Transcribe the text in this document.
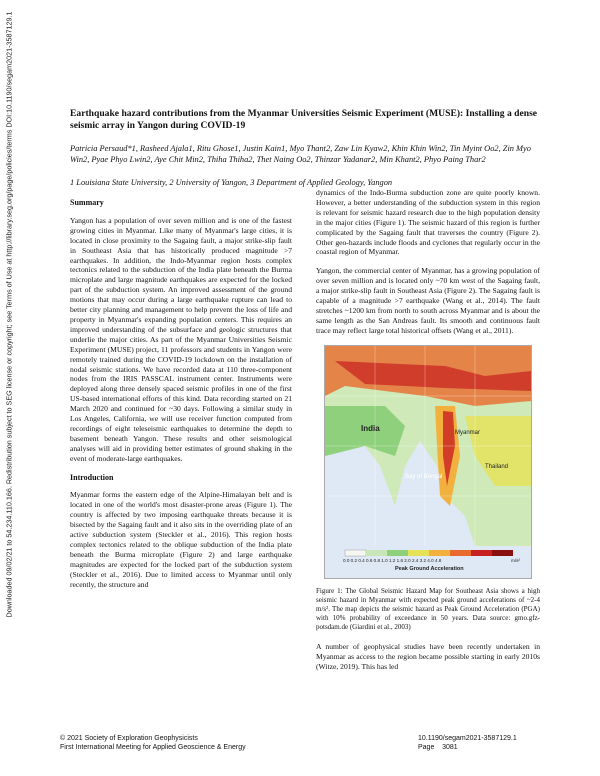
Downloaded 09/02/21 to 54.234.110.166. Redistribution subject to SEG license or copyright; see Terms of Use at http://library.seg.org/page/policies/terms DOI:10.1190/segam2021-3587129.1	Earthquake hazard contributions from the Myanmar Universities Seismic Experiment (MUSE): Installing a dense seismic array in Yangon during COVID-19
Patricia Persaud*1, Rasheed Ajala1, Ritu Ghose1, Justin Kain1, Myo Thant2, Zaw Lin Kyaw2, Khin Khin Win2, Tin Myint Oo2, Zin Myo Win2, Pyae Phyo Lwin2, Aye Chit Min2, Thiha Thiha2, Thet Naing Oo2, Thinzar Yadanar2, Min Khant2, Phyo Paing Thar2
1 Louisiana State University, 2 University of Yangon, 3 Department of Applied Geology, Yangon
Summary

Yangon has a population of over seven million and is one of the fastest growing cities in Myanmar. Like many of Myanmar's large cities, it is located in close proximity to the Sagaing fault, a major strike-slip fault in Southeast Asia that has historically produced magnitude >7 earthquakes. In addition, the Indo-Myanmar region hosts complex tectonics related to the subduction of the India plate beneath the Burma microplate and large magnitude earthquakes are expected for the locked part of the subduction system. An improved assessment of the ground motions that may occur during a large earthquake rupture can lead to better city planning and management to help prevent the loss of life and property in Myanmar's expanding population centers. This requires an improved understanding of the subsurface and geologic structures that underlie the major cities. As part of the Myanmar Universities Seismic Experiment (MUSE) project, 11 professors and students in Yangon were remotely trained during the COVID-19 lockdown on the installation of nodal seismic stations. We have recorded data at 110 three-component nodes from the IRIS PASSCAL instrument center. Instruments were deployed along three densely spaced seismic profiles in one of the first US-based international efforts of this kind. Data recording started on 21 March 2020 and continued for ~30 days. Following a similar study in Los Angeles, California, we will use receiver function computed from recordings of eight teleseismic earthquakes to determine the depth to basement beneath Yangon. These results and other seismological analyses will aid in providing better estimates of ground shaking in the event of moderate-large earthquakes.

Introduction

Myanmar forms the eastern edge of the Alpine-Himalayan belt and is located in one of the world's most disaster-prone areas (Figure 1). The country is affected by two imposing earthquake threats because it is bisected by the Sagaing fault and it also sits in the overriding plate of an active subduction system (Steckler et al., 2016). This region hosts complex tectonics related to the oblique subduction of the India plate beneath the Burma microplate (Figure 2) and large earthquake magnitudes are expected for the locked part of the subduction system (Steckler et al., 2016). Due to limited access to Myanmar until only recently, the structure and

dynamics of the Indo-Burma subduction zone are quite poorly known. However, a better understanding of the subduction system in this region is relevant for seismic hazard research due to the high population density in the major cities (Figure 1). The seismic hazard of this region is further complicated by the Sagaing fault that traverses the country (Figure 2). Other geo-hazards include floods and cyclones that regularly occur in the coastal region of Myanmar.

Yangon, the commercial center of Myanmar, has a growing population of over seven million and is located only ~70 km west of the Sagaing fault, a major strike-slip fault in Southeast Asia (Figure 2). The Sagaing fault is capable of a magnitude >7 earthquake (Wang et al., 2014). The fault stretches ~1200 km from north to south across Myanmar and is about the same length as the San Andreas fault. Its smooth and continuous fault trace may reflect large total historical offsets (Wang et al., 2011).

India
Bay of Bengal
Myanmar
Thailand
0.0 0.2 0.4 0.6 0.8 1.0 1.2 1.6 2.0 2.4 3.2 4.0 4.8
Peak Ground Acceleration
m/s²
Figure 1: The Global Seismic Hazard Map for Southeast Asia shows a high seismic hazard in Myanmar with expected peak ground accelerations of ~2-4 m/s². The map depicts the seismic hazard as Peak Ground Acceleration (PGA) with 10% probability of exceedance in 50 years. Data source: gmo.gfz-potsdam.de (Giardini et al., 2003)

A number of geophysical studies have been recently undertaken in Myanmar as access to the region became possible starting in early 2010s (Witze, 2019). This has led

© 2021 Society of Exploration Geophysicists
First International Meeting for Applied Geoscience & Energy
10.1190/segam2021-3587129.1
Page    3081
